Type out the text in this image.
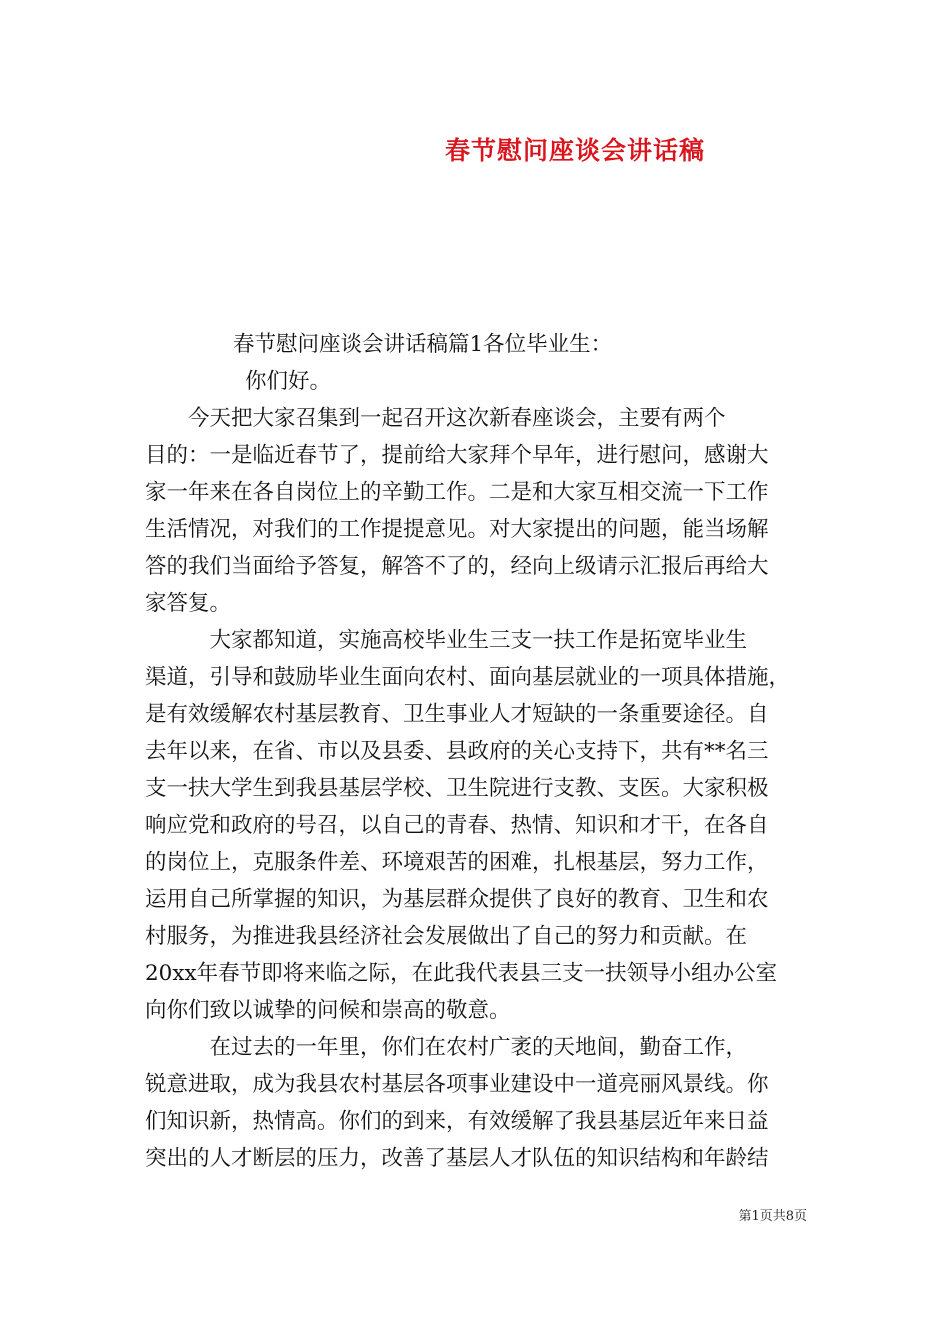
春节慰问座谈会讲话稿
春节慰问座谈会讲话稿篇1各位毕业生：
你们好。
　　今天把大家召集到一起召开这次新春座谈会，主要有两个
目的：一是临近春节了，提前给大家拜个早年，进行慰问，感谢大
家一年来在各自岗位上的辛勤工作。二是和大家互相交流一下工作
生活情况，对我们的工作提提意见。对大家提出的问题，能当场解
答的我们当面给予答复，解答不了的，经向上级请示汇报后再给大
家答复。
　　　大家都知道，实施高校毕业生三支一扶工作是拓宽毕业生
渠道，引导和鼓励毕业生面向农村、面向基层就业的一项具体措施，
是有效缓解农村基层教育、卫生事业人才短缺的一条重要途径。自
去年以来，在省、市以及县委、县政府的关心支持下，共有**名三
支一扶大学生到我县基层学校、卫生院进行支教、支医。大家积极
响应党和政府的号召，以自己的青春、热情、知识和才干，在各自
的岗位上，克服条件差、环境艰苦的困难，扎根基层，努力工作，
运用自己所掌握的知识，为基层群众提供了良好的教育、卫生和农
村服务，为推进我县经济社会发展做出了自己的努力和贡献。在
20xx年春节即将来临之际，在此我代表县三支一扶领导小组办公室
向你们致以诚挚的问候和崇高的敬意。
　　　在过去的一年里，你们在农村广袤的天地间，勤奋工作，
锐意进取，成为我县农村基层各项事业建设中一道亮丽风景线。你
们知识新，热情高。你们的到来，有效缓解了我县基层近年来日益
突出的人才断层的压力，改善了基层人才队伍的知识结构和年龄结
第1页共8页
